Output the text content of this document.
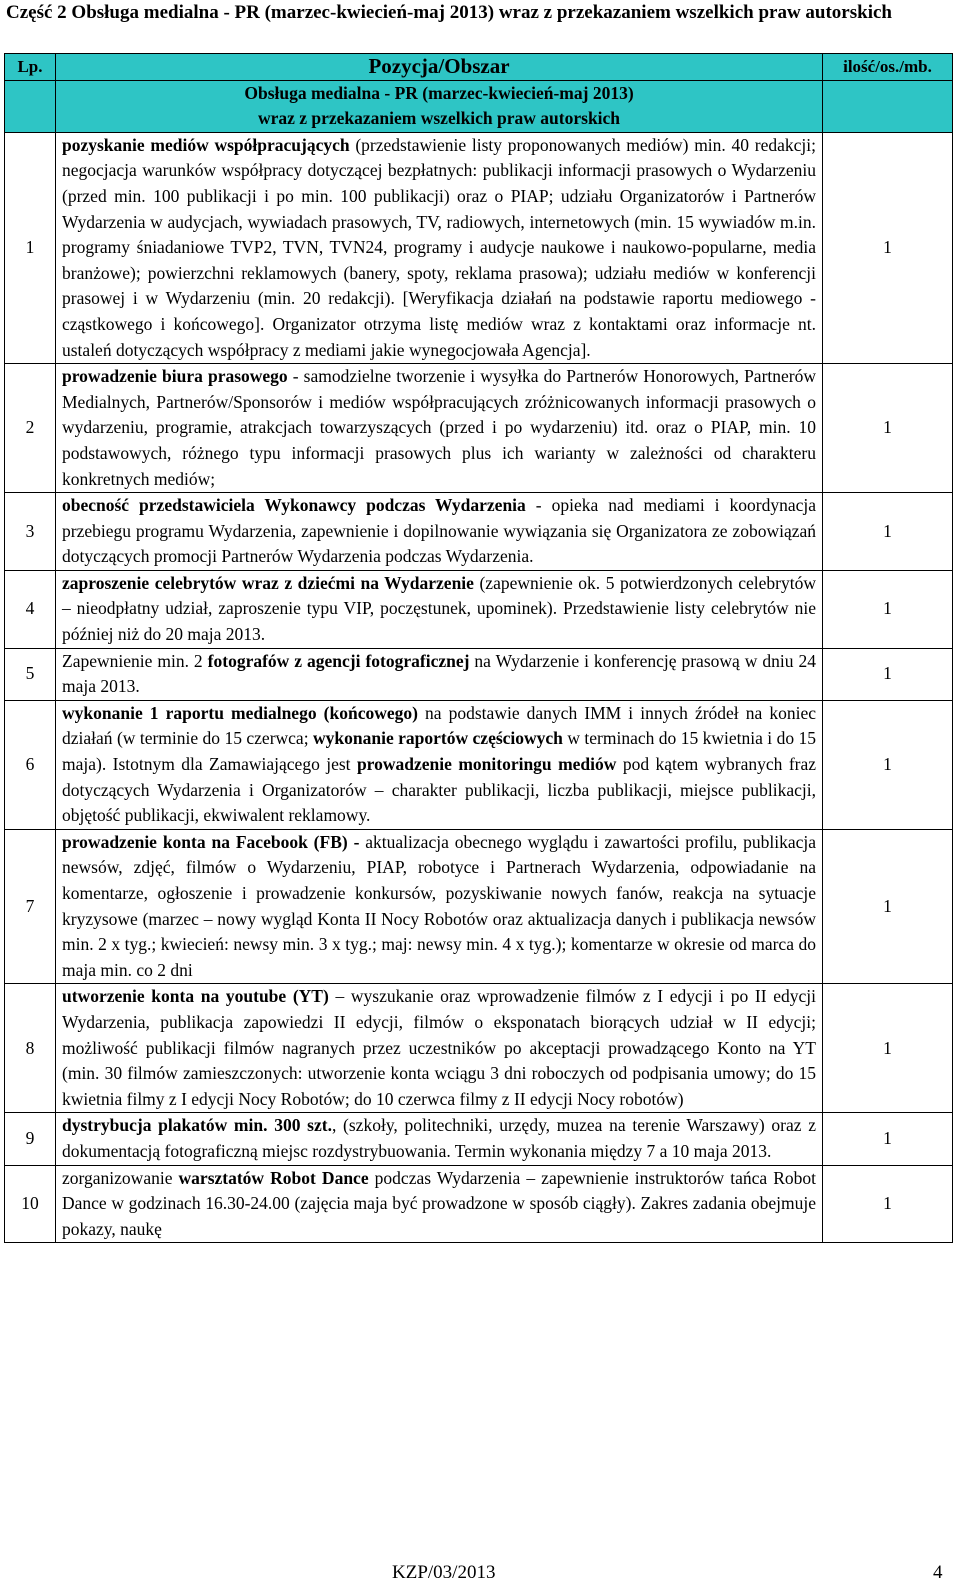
Część 2 Obsługa medialna - PR (marzec-kwiecień-maj 2013) wraz z przekazaniem wszelkich praw autorskich
Lp.	Pozycja/Obszar	ilość/os./mb.
	Obsługa medialna - PR (marzec-kwiecień-maj 2013)
wraz z przekazaniem wszelkich praw autorskich	
1	pozyskanie mediów współpracujących (przedstawienie listy proponowanych mediów) min. 40 redakcji; negocjacja warunków współpracy dotyczącej bezpłatnych: publikacji informacji prasowych o Wydarzeniu (przed min. 100 publikacji i po min. 100 publikacji) oraz o PIAP; udziału Organizatorów i Partnerów Wydarzenia w audycjach, wywiadach prasowych, TV, radiowych, internetowych (min. 15 wywiadów m.in. programy śniadaniowe TVP2, TVN, TVN24, programy i audycje naukowe i naukowo-popularne, media branżowe); powierzchni reklamowych (banery, spoty, reklama prasowa); udziału mediów w konferencji prasowej i w Wydarzeniu (min. 20 redakcji). [Weryfikacja działań na podstawie raportu mediowego - cząstkowego i końcowego]. Organizator otrzyma listę mediów wraz z kontaktami oraz informacje nt. ustaleń dotyczących współpracy z mediami jakie wynegocjowała Agencja].	1
2	prowadzenie biura prasowego - samodzielne tworzenie i wysyłka do Partnerów Honorowych, Partnerów Medialnych, Partnerów/Sponsorów i mediów współpracujących zróżnicowanych informacji prasowych o wydarzeniu, programie, atrakcjach towarzyszących (przed i po wydarzeniu) itd. oraz o PIAP, min. 10 podstawowych, różnego typu informacji prasowych plus ich warianty w zależności od charakteru konkretnych mediów;	1
3	obecność przedstawiciela Wykonawcy podczas Wydarzenia - opieka nad mediami i koordynacja przebiegu programu Wydarzenia, zapewnienie i dopilnowanie wywiązania się Organizatora ze zobowiązań dotyczących promocji Partnerów Wydarzenia podczas Wydarzenia.	1
4	zaproszenie celebrytów wraz z dziećmi na Wydarzenie (zapewnienie ok. 5 potwierdzonych celebrytów – nieodpłatny udział, zaproszenie typu VIP, poczęstunek, upominek). Przedstawienie listy celebrytów nie później niż do 20 maja 2013.	1
5	Zapewnienie min. 2 fotografów z agencji fotograficznej na Wydarzenie i konferencję prasową w dniu 24 maja 2013.	1
6	wykonanie 1 raportu medialnego (końcowego) na podstawie danych IMM i innych źródeł na koniec działań (w terminie do 15 czerwca; wykonanie raportów częściowych w terminach do 15 kwietnia i do 15 maja). Istotnym dla Zamawiającego jest prowadzenie monitoringu mediów pod kątem wybranych fraz dotyczących Wydarzenia i Organizatorów – charakter publikacji, liczba publikacji, miejsce publikacji, objętość publikacji, ekwiwalent reklamowy.	1
7	prowadzenie konta na Facebook (FB) - aktualizacja obecnego wyglądu i zawartości profilu, publikacja newsów, zdjęć, filmów o Wydarzeniu, PIAP, robotyce i Partnerach Wydarzenia, odpowiadanie na komentarze, ogłoszenie i prowadzenie konkursów, pozyskiwanie nowych fanów, reakcja na sytuacje kryzysowe (marzec – nowy wygląd Konta II Nocy Robotów oraz aktualizacja danych i publikacja newsów min. 2 x tyg.; kwiecień: newsy min. 3 x tyg.; maj: newsy min. 4 x tyg.); komentarze w okresie od marca do maja min. co 2 dni	1
8	utworzenie konta na youtube (YT) – wyszukanie oraz wprowadzenie filmów z I edycji i po II edycji Wydarzenia, publikacja zapowiedzi II edycji, filmów o eksponatach biorących udział w II edycji; możliwość publikacji filmów nagranych przez uczestników po akceptacji prowadzącego Konto na YT (min. 30 filmów zamieszczonych: utworzenie konta wciągu 3 dni roboczych od podpisania umowy; do 15 kwietnia filmy z I edycji Nocy Robotów; do 10 czerwca filmy z II edycji Nocy robotów)	1
9	dystrybucja plakatów min. 300 szt., (szkoły, politechniki, urzędy, muzea na terenie Warszawy) oraz z dokumentacją fotograficzną miejsc rozdystrybuowania. Termin wykonania między 7 a 10 maja 2013.	1
10	zorganizowanie warsztatów Robot Dance podczas Wydarzenia – zapewnienie instruktorów tańca Robot Dance w godzinach 16.30-24.00 (zajęcia maja być prowadzone w sposób ciągły). Zakres zadania obejmuje pokazy, naukę	1
KZP/03/2013	4
